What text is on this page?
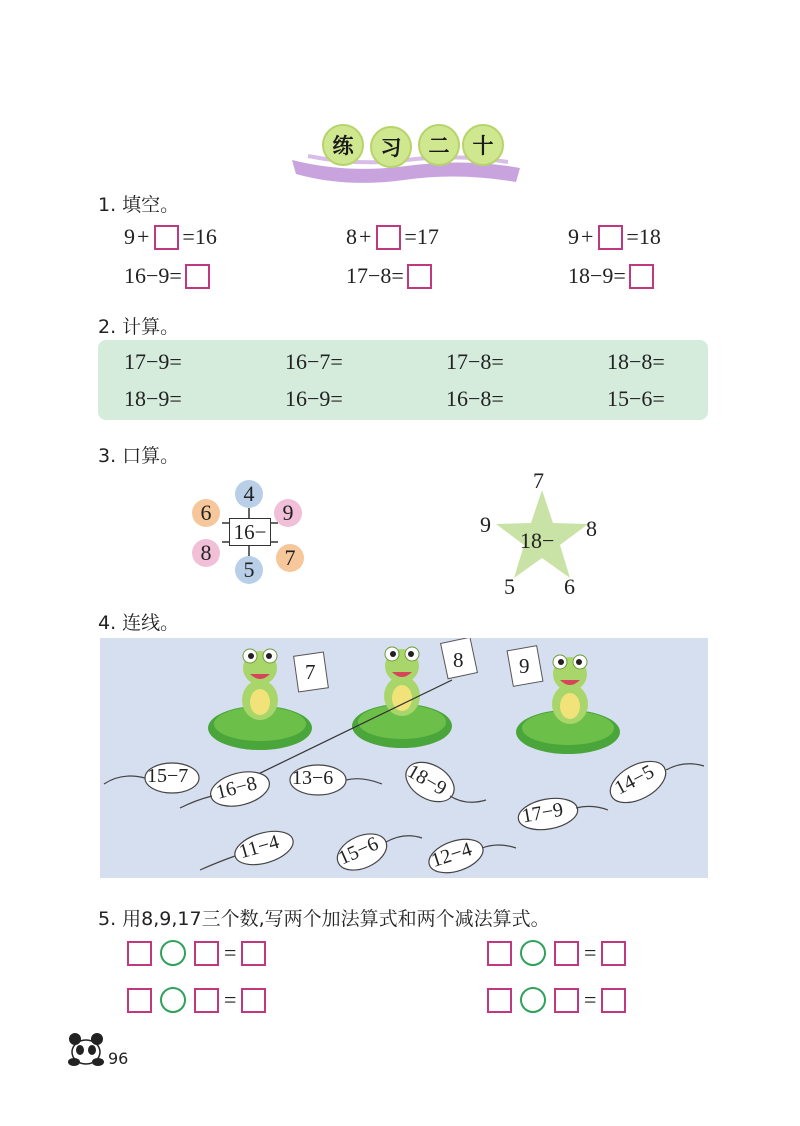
练	习	二	十
1. 填空。
9 + = 16	8 + = 17	9 + = 18
16−9=	17−8=	18−9=
2. 计算。
17−9=	16−7=	17−8=	18−8=
18−9=	16−9=	16−8=	15−6=
3. 口算。
4
9
7
5
8
6
16−
7
8
6
5
9
18−
4. 连线。
7	8	9
15−7 16−8 13−6	18−9	14−5
17−9
11−4	15−6 12−4
5. 用8,9,17三个数,写两个加法算式和两个减法算式。
=
=
=
=
96
